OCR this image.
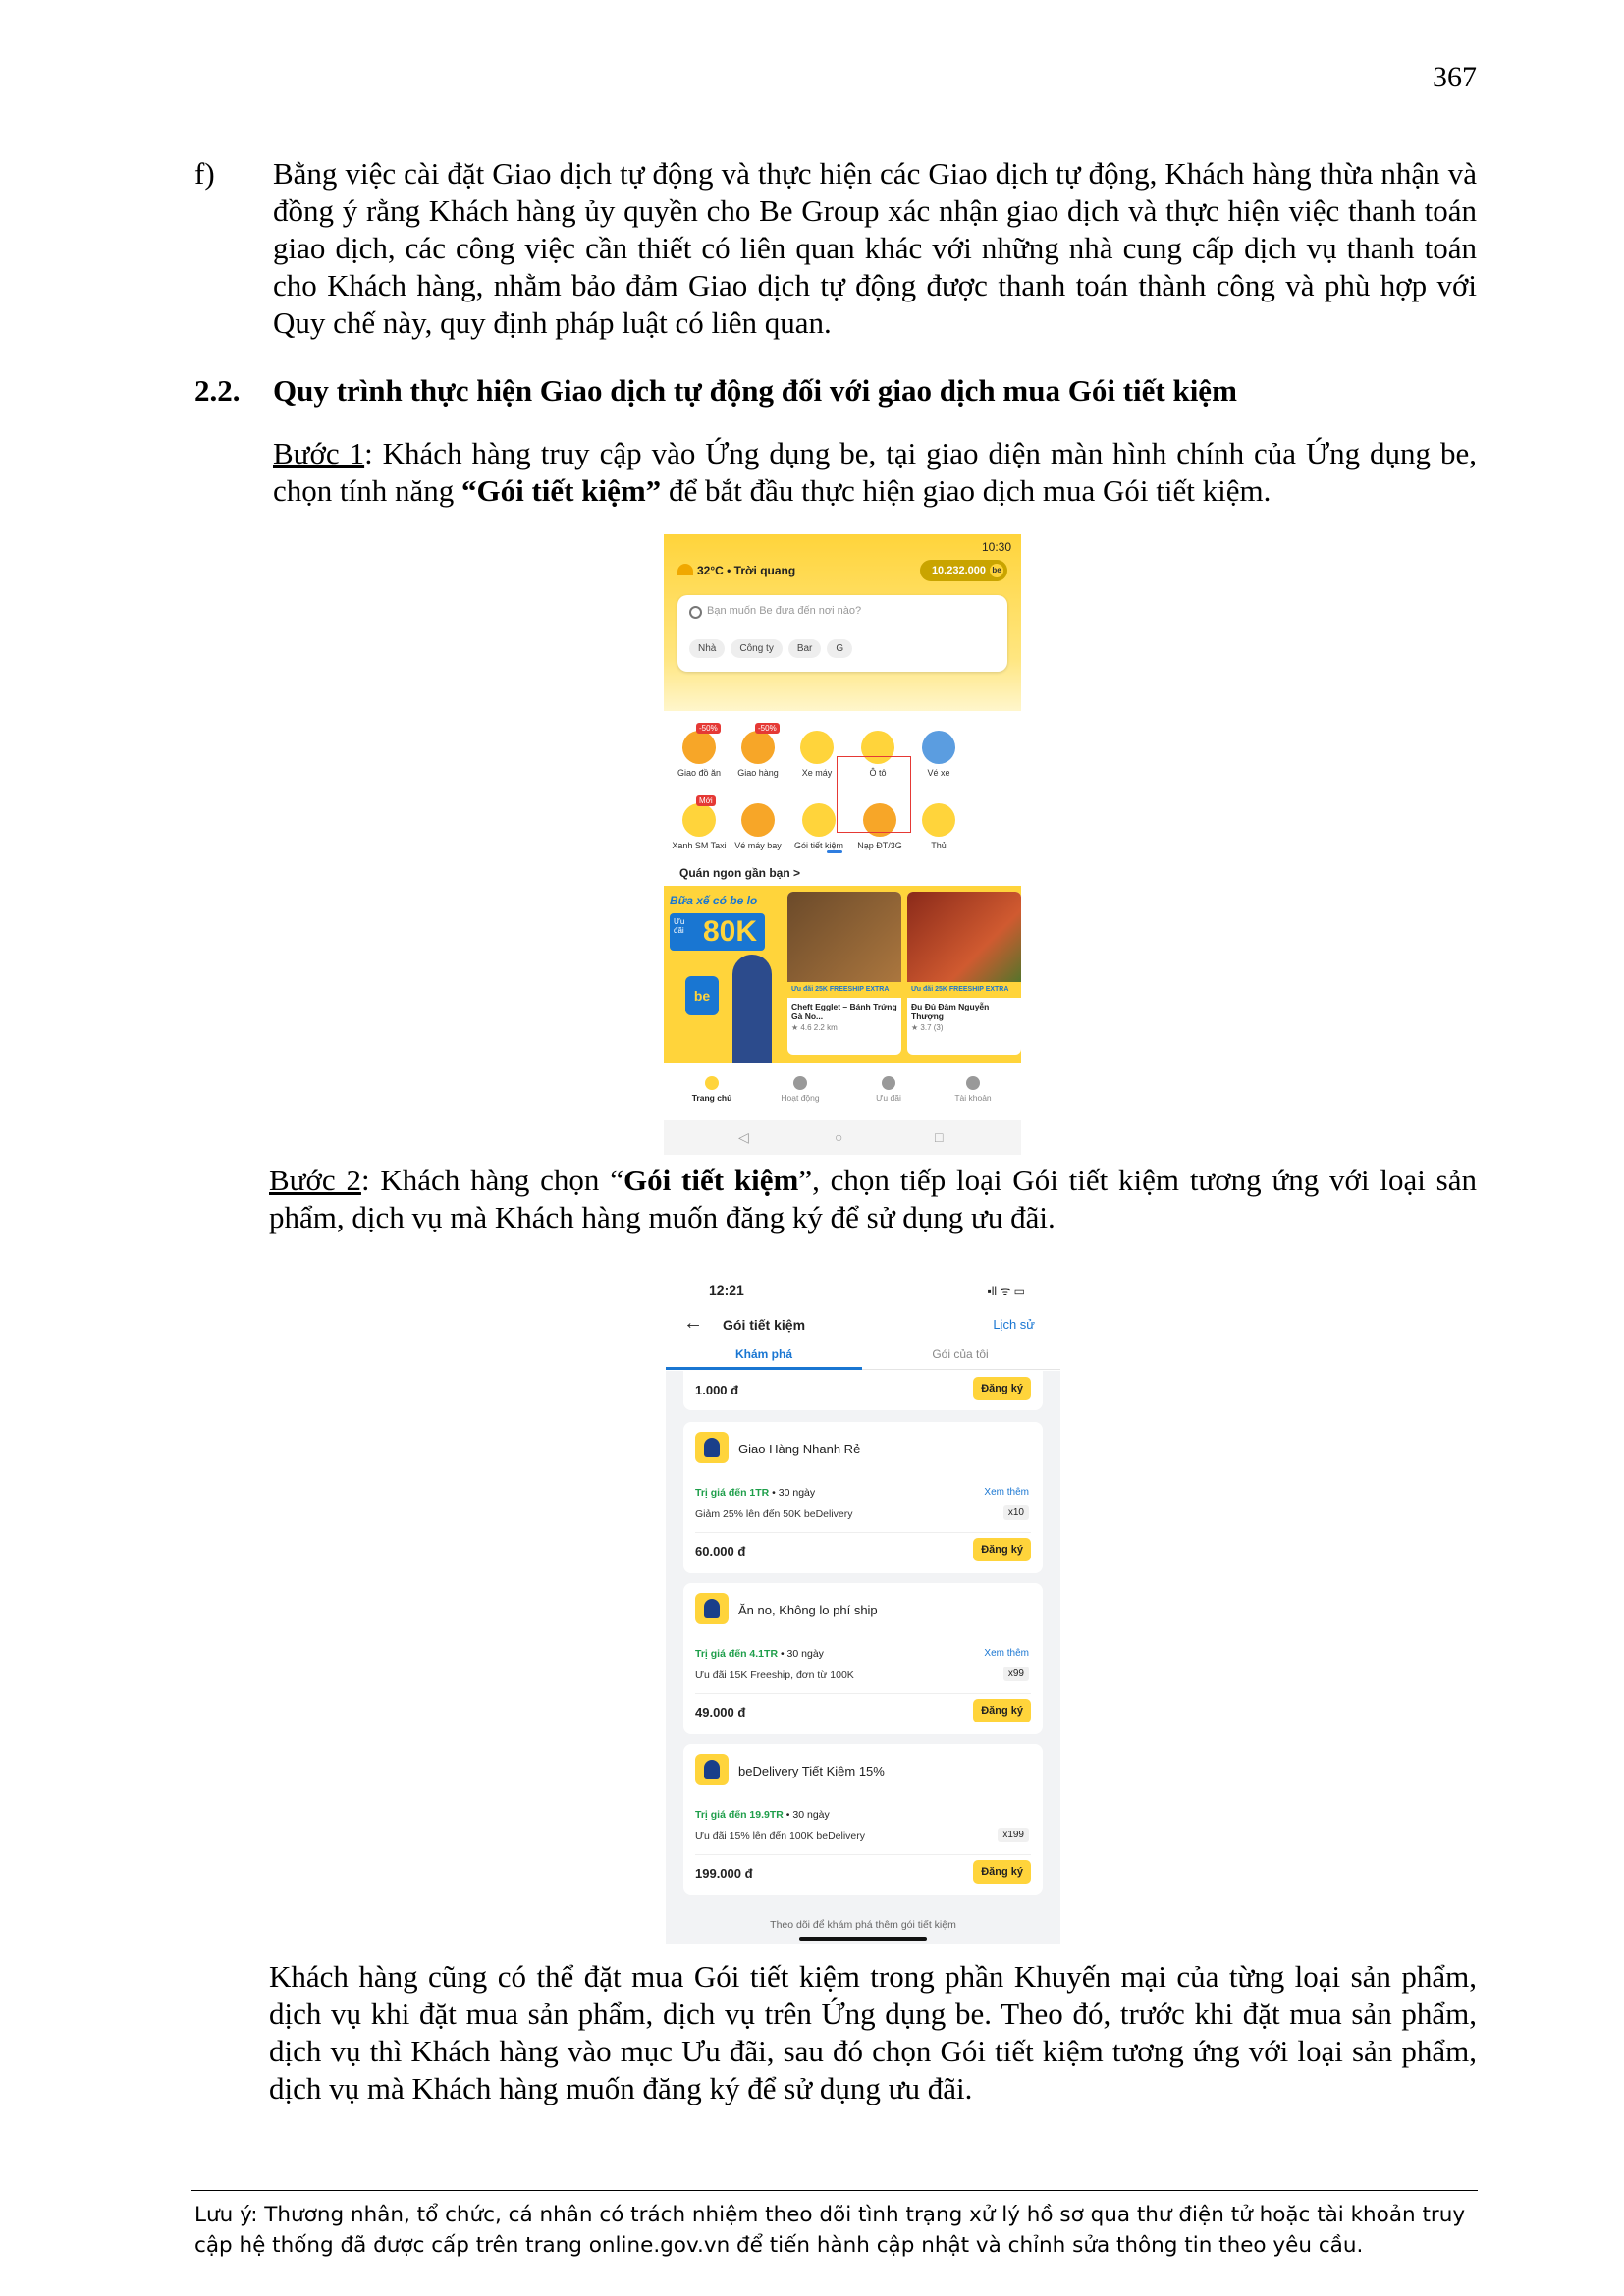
367
f) Bằng việc cài đặt Giao dịch tự động và thực hiện các Giao dịch tự động, Khách hàng thừa nhận và đồng ý rằng Khách hàng ủy quyền cho Be Group xác nhận giao dịch và thực hiện việc thanh toán giao dịch, các công việc cần thiết có liên quan khác với những nhà cung cấp dịch vụ thanh toán cho Khách hàng, nhằm bảo đảm Giao dịch tự động được thanh toán thành công và phù hợp với Quy chế này, quy định pháp luật có liên quan.
2.2. Quy trình thực hiện Giao dịch tự động đối với giao dịch mua Gói tiết kiệm
Bước 1: Khách hàng truy cập vào Ứng dụng be, tại giao diện màn hình chính của Ứng dụng be, chọn tính năng “Gói tiết kiệm” để bắt đầu thực hiện giao dịch mua Gói tiết kiệm.
10:30
32°C • Trời quang	10.232.000 be
Bạn muốn Be đưa đến nơi nào?
Nhà Công ty Bar G
-50%
Giao đồ ăn
-50%
Giao hàng	Xe máy	Ô tô	Vé xe
Mới
Xanh SM Taxi Vé máy bay	Gói tiết kiệm	Nạp ĐT/3G	Thủ
Quán ngon gần bạn >
Bữa xế có be lo
80K
Ưu đãi
be	Ưu đãi 25K FREESHIP EXTRA
Cheft Egglet – Bánh Trứng Gà No...
★ 4.6 2.2 km
Ưu đãi 25K FREESHIP EXTRA
Đu Đủ Đâm Nguyễn Thượng
★ 3.7 (3)
Trang chủ	Hoạt động	Ưu đãi	Tài khoản
◁	○	□
Bước 2: Khách hàng chọn “Gói tiết kiệm”, chọn tiếp loại Gói tiết kiệm tương ứng với loại sản phẩm, dịch vụ mà Khách hàng muốn đăng ký để sử dụng ưu đãi.
12:21	▪ll ᯤ ▭
← Gói tiết kiệm	Lịch sử
Khám phá	Gói của tôi
1.000 đ	Đăng ký
Giao Hàng Nhanh Rẻ
Trị giá đến 1TR • 30 ngày	Xem thêm
Giảm 25% lên đến 50K beDelivery	x10
60.000 đ	Đăng ký
Ăn no, Không lo phí ship
Trị giá đến 4.1TR • 30 ngày	Xem thêm
Ưu đãi 15K Freeship, đơn từ 100K	x99
49.000 đ	Đăng ký
beDelivery Tiết Kiệm 15%
Trị giá đến 19.9TR • 30 ngày
Ưu đãi 15% lên đến 100K beDelivery	x199
199.000 đ	Đăng ký
Theo dõi để khám phá thêm gói tiết kiệm
Khách hàng cũng có thể đặt mua Gói tiết kiệm trong phần Khuyến mại của từng loại sản phẩm, dịch vụ khi đặt mua sản phẩm, dịch vụ trên Ứng dụng be. Theo đó, trước khi đặt mua sản phẩm, dịch vụ thì Khách hàng vào mục Ưu đãi, sau đó chọn Gói tiết kiệm tương ứng với loại sản phẩm, dịch vụ mà Khách hàng muốn đăng ký để sử dụng ưu đãi.
Lưu ý: Thương nhân, tổ chức, cá nhân có trách nhiệm theo dõi tình trạng xử lý hồ sơ qua thư điện tử hoặc tài khoản truy cập hệ thống đã được cấp trên trang online.gov.vn để tiến hành cập nhật và chỉnh sửa thông tin theo yêu cầu.
